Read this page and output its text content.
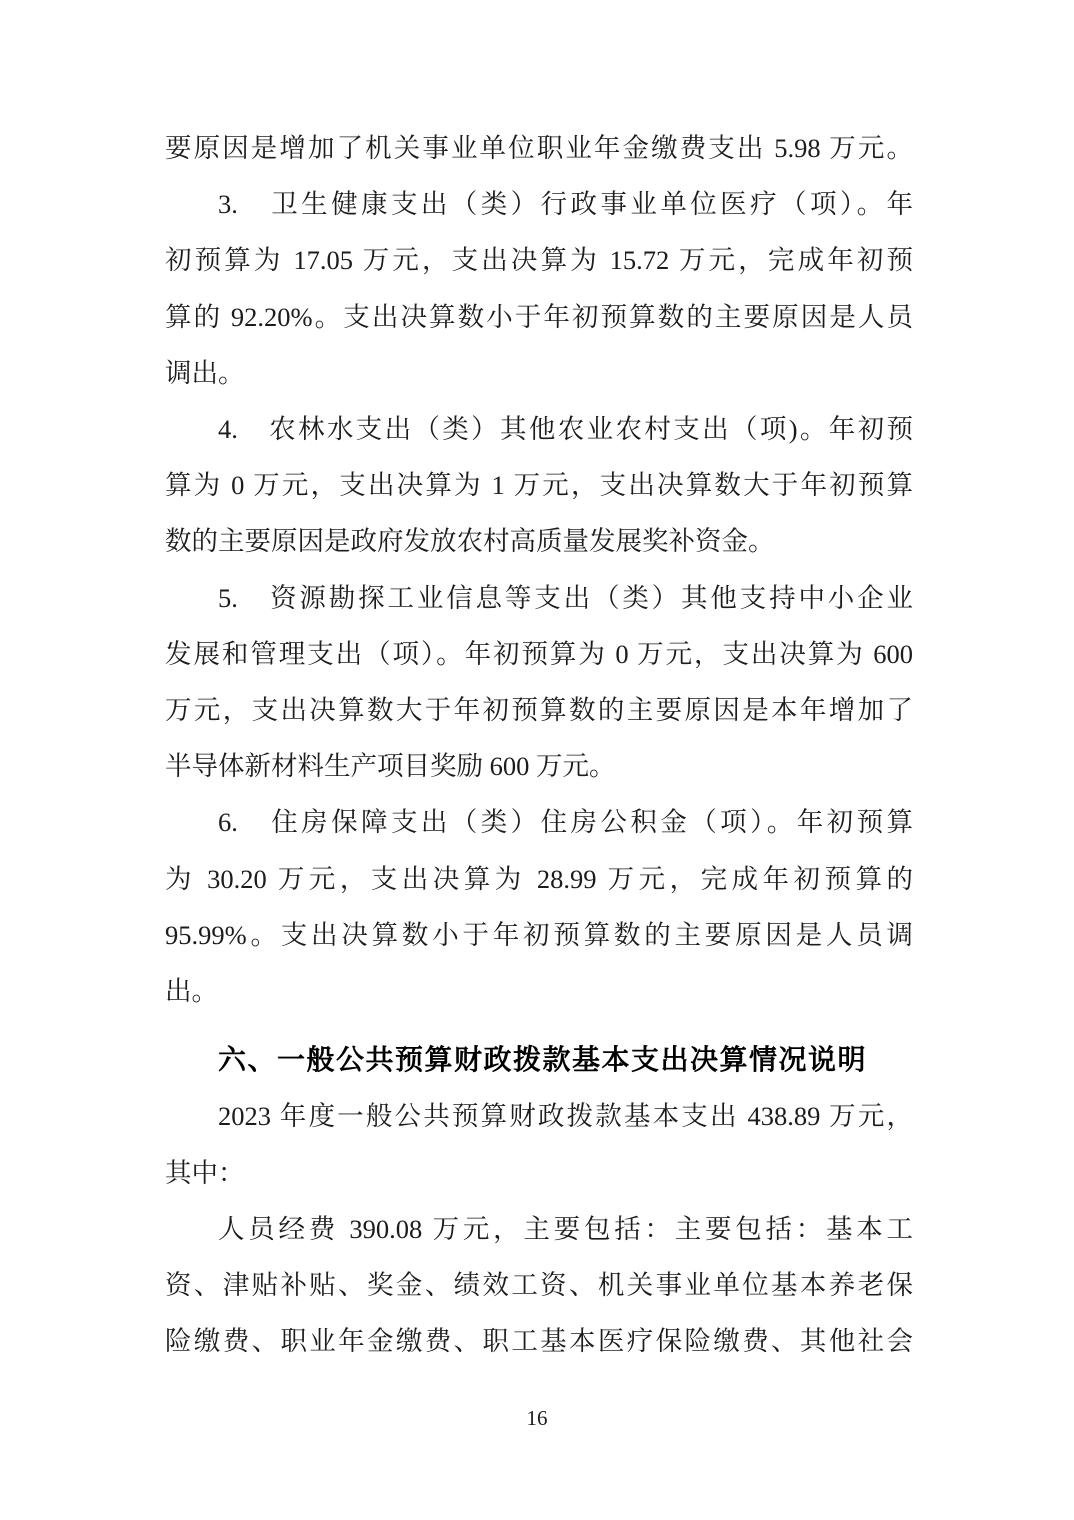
要原因是增加了机关事业单位职业年金缴费支出 5.98 万元。
3.　卫生健康支出（类）行政事业单位医疗（项）。年
初预算为 17.05 万元，支出决算为 15.72 万元，完成年初预
算的 92.20%。支出决算数小于年初预算数的主要原因是人员
调出。
4.　农林水支出（类）其他农业农村支出（项)。年初预
算为 0 万元，支出决算为 1 万元，支出决算数大于年初预算
数的主要原因是政府发放农村高质量发展奖补资金。
5.　资源勘探工业信息等支出（类）其他支持中小企业
发展和管理支出（项）。年初预算为 0 万元，支出决算为 600
万元，支出决算数大于年初预算数的主要原因是本年增加了
半导体新材料生产项目奖励 600 万元。
6.　住房保障支出（类）住房公积金（项）。年初预算
为 30.20 万元，支出决算为 28.99 万元，完成年初预算的
95.99%。支出决算数小于年初预算数的主要原因是人员调
出。
六、一般公共预算财政拨款基本支出决算情况说明
2023 年度一般公共预算财政拨款基本支出 438.89 万元，
其中：
人员经费 390.08 万元，主要包括：主要包括：基本工
资、津贴补贴、奖金、绩效工资、机关事业单位基本养老保
险缴费、职业年金缴费、职工基本医疗保险缴费、其他社会
16
